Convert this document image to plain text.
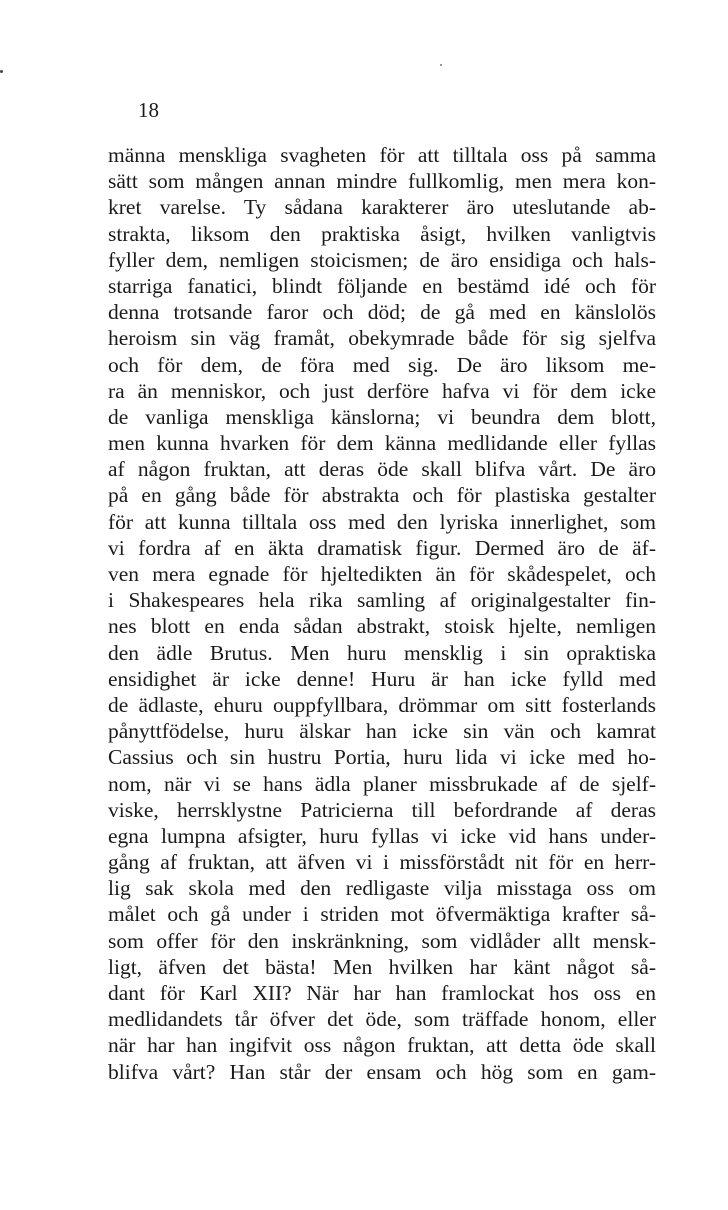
18
männa menskliga svagheten för att tilltala oss på samma
sätt som mången annan mindre fullkomlig, men mera kon-
kret varelse. Ty sådana karakterer äro uteslutande ab-
strakta, liksom den praktiska åsigt, hvilken vanligtvis
fyller dem, nemligen stoicismen; de äro ensidiga och hals-
starriga fanatici, blindt följande en bestämd idé och för
denna trotsande faror och död; de gå med en känslolös
heroism sin väg framåt, obekymrade både för sig sjelfva
och för dem, de föra med sig. De äro liksom me-
ra än menniskor, och just derföre hafva vi för dem icke
de vanliga menskliga känslorna; vi beundra dem blott,
men kunna hvarken för dem känna medlidande eller fyllas
af någon fruktan, att deras öde skall blifva vårt. De äro
på en gång både för abstrakta och för plastiska gestalter
för att kunna tilltala oss med den lyriska innerlighet, som
vi fordra af en äkta dramatisk figur. Dermed äro de äf-
ven mera egnade för hjeltedikten än för skådespelet, och
i Shakespeares hela rika samling af originalgestalter fin-
nes blott en enda sådan abstrakt, stoisk hjelte, nemligen
den ädle Brutus. Men huru mensklig i sin opraktiska
ensidighet är icke denne! Huru är han icke fylld med
de ädlaste, ehuru ouppfyllbara, drömmar om sitt fosterlands
pånyttfödelse, huru älskar han icke sin vän och kamrat
Cassius och sin hustru Portia, huru lida vi icke med ho-
nom, när vi se hans ädla planer missbrukade af de sjelf-
viske, herrsklystne Patricierna till befordrande af deras
egna lumpna afsigter, huru fyllas vi icke vid hans under-
gång af fruktan, att äfven vi i missförstådt nit för en herr-
lig sak skola med den redligaste vilja misstaga oss om
målet och gå under i striden mot öfvermäktiga krafter så-
som offer för den inskränkning, som vidlåder allt mensk-
ligt, äfven det bästa! Men hvilken har känt något så-
dant för Karl XII? När har han framlockat hos oss en
medlidandets tår öfver det öde, som träffade honom, eller
när har han ingifvit oss någon fruktan, att detta öde skall
blifva vårt? Han står der ensam och hög som en gam-
